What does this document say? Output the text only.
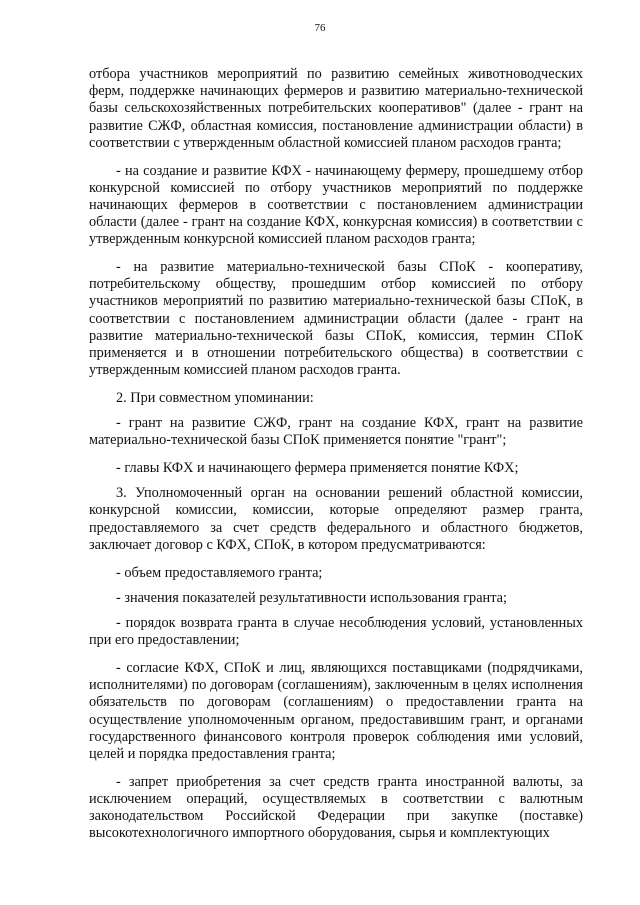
76

отбора участников мероприятий по развитию семейных животноводческих ферм, поддержке начинающих фермеров и развитию материально-технической базы сельскохозяйственных потребительских кооперативов" (далее - грант на развитие СЖФ, областная комиссия, постановление администрации области) в соответствии с утвержденным областной комиссией планом расходов гранта;

- на создание и развитие КФХ - начинающему фермеру, прошедшему отбор конкурсной комиссией по отбору участников мероприятий по поддержке начинающих фермеров в соответствии с постановлением администрации области (далее - грант на создание КФХ, конкурсная комиссия) в соответствии с утвержденным конкурсной комиссией планом расходов гранта;

- на развитие материально-технической базы СПоК - кооперативу, потребительскому обществу, прошедшим отбор комиссией по отбору участников мероприятий по развитию материально-технической базы СПоК, в соответствии с постановлением администрации области (далее - грант на развитие материально-технической базы СПоК, комиссия, термин СПоК применяется и в отношении потребительского общества) в соответствии с утвержденным комиссией планом расходов гранта.

2. При совместном упоминании:

- грант на развитие СЖФ, грант на создание КФХ, грант на развитие материально-технической базы СПоК применяется понятие "грант";

- главы КФХ и начинающего фермера применяется понятие КФХ;

3. Уполномоченный орган на основании решений областной комиссии, конкурсной комиссии, комиссии, которые определяют размер гранта, предоставляемого за счет средств федерального и областного бюджетов, заключает договор с КФХ, СПоК, в котором предусматриваются:

- объем предоставляемого гранта;

- значения показателей результативности использования гранта;

- порядок возврата гранта в случае несоблюдения условий, установленных при его предоставлении;

- согласие КФХ, СПоК и лиц, являющихся поставщиками (подрядчиками, исполнителями) по договорам (соглашениям), заключенным в целях исполнения обязательств по договорам (соглашениям) о предоставлении гранта на осуществление уполномоченным органом, предоставившим грант, и органами государственного финансового контроля проверок соблюдения ими условий, целей и порядка предоставления гранта;

- запрет приобретения за счет средств гранта иностранной валюты, за исключением операций, осуществляемых в соответствии с валютным законодательством Российской Федерации при закупке (поставке) высокотехнологичного импортного оборудования, сырья и комплектующих
